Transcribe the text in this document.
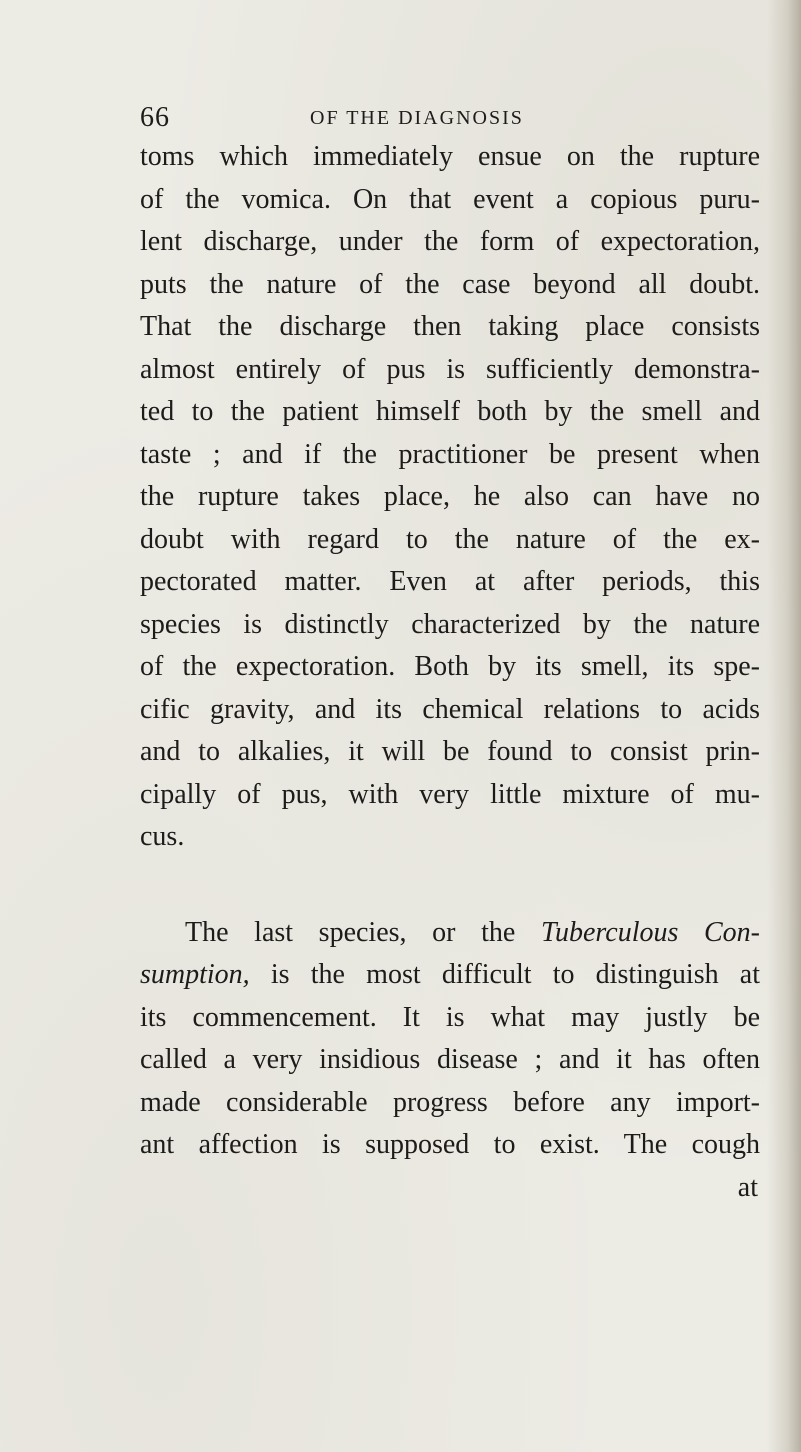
66	OF THE DIAGNOSIS
toms which immediately ensue on the rupture
of the vomica. On that event a copious puru-
lent discharge, under the form of expectoration,
puts the nature of the case beyond all doubt.
That the discharge then taking place consists
almost entirely of pus is sufficiently demonstra-
ted to the patient himself both by the smell and
taste ; and if the practitioner be present when
the rupture takes place, he also can have no
doubt with regard to the nature of the ex-
pectorated matter. Even at after periods, this
species is distinctly characterized by the nature
of the expectoration. Both by its smell, its spe-
cific gravity, and its chemical relations to acids
and to alkalies, it will be found to consist prin-
cipally of pus, with very little mixture of mu-
cus.
The last species, or the Tuberculous Con-
sumption, is the most difficult to distinguish at
its commencement. It is what may justly be
called a very insidious disease ; and it has often
made considerable progress before any import-
ant affection is supposed to exist. The cough
at
